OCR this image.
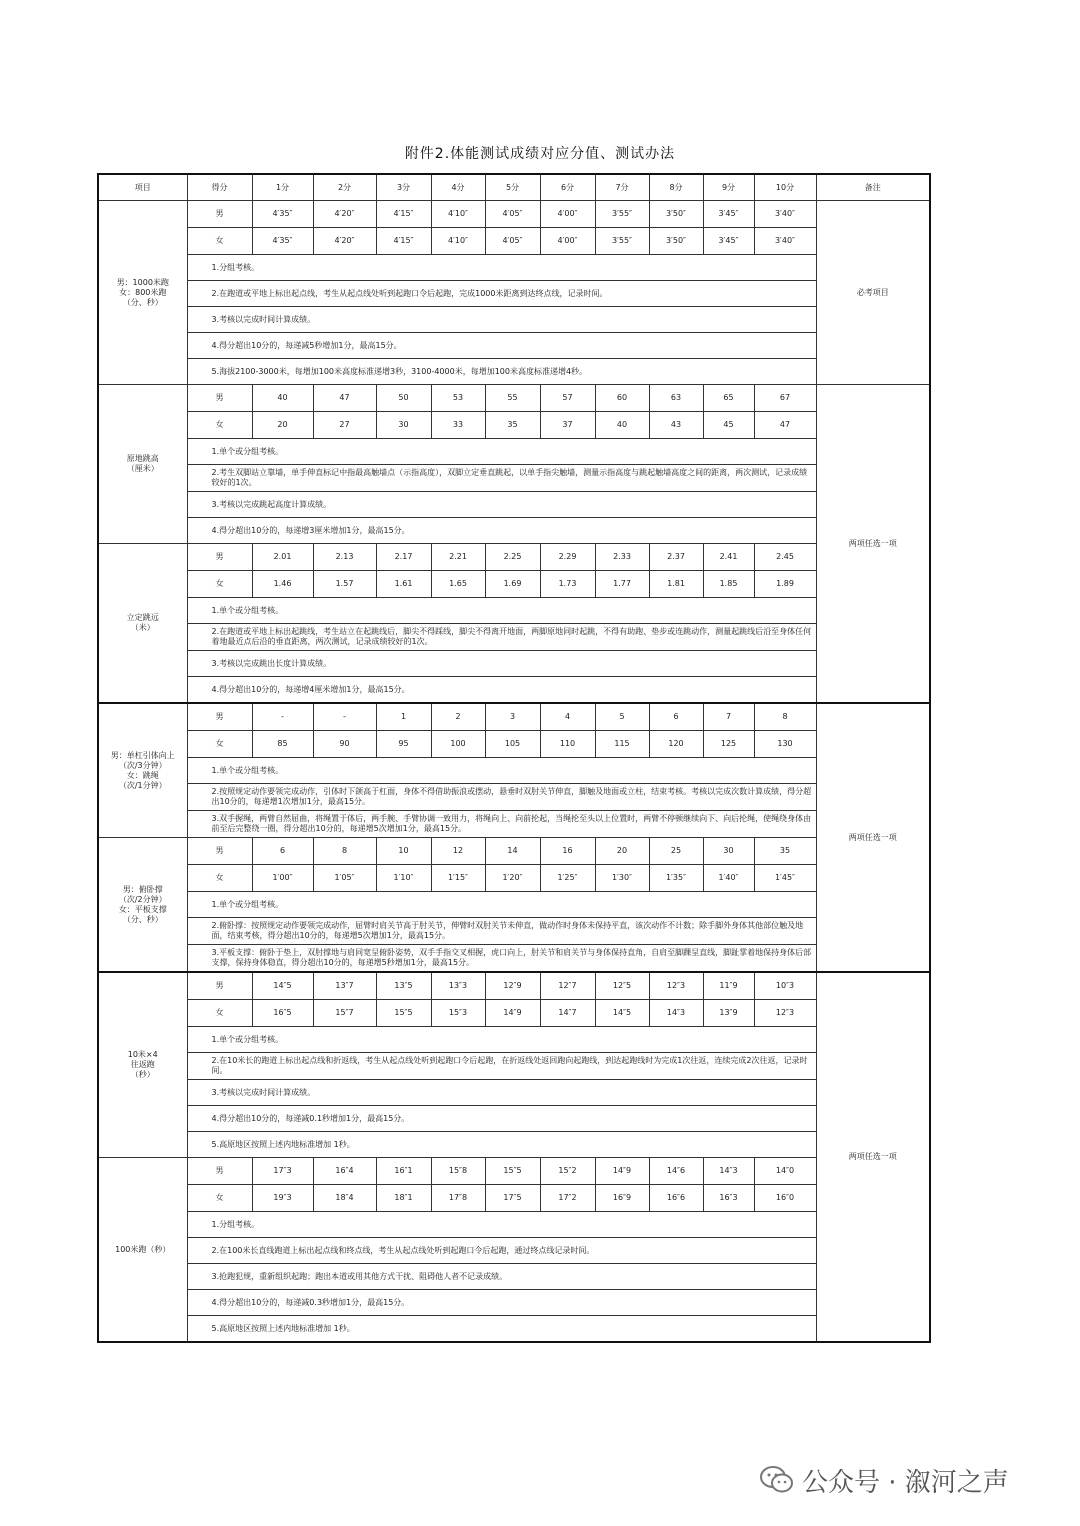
附件2.体能测试成绩对应分值、测试办法
项目	得分	1分	2分	3分	4分	5分	6分	7分	8分	9分	10分	备注
男：1000米跑
女：800米跑
（分、秒）	男	4′35″	4′20″	4′15″	4′10″	4′05″	4′00″	3′55″	3′50″	3′45″	3′40″	必考项目
	女	4′35″	4′20″	4′15″	4′10″	4′05″	4′00″	3′55″	3′50″	3′45″	3′40″	
	1.分组考核。											
	2.在跑道或平地上标出起点线，考生从起点线处听到起跑口令后起跑，完成1000米距离到达终点线，记录时间。											
	3.考核以完成时间计算成绩。											
	4.得分超出10分的，每递减5秒增加1分，最高15分。											
	5.海拔2100-3000米，每增加100米高度标准递增3秒，3100-4000米，每增加100米高度标准递增4秒。											
原地跳高
（厘米）	男	40	47	50	53	55	57	60	63	65	67	两项任选一项
	女	20	27	30	33	35	37	40	43	45	47	
	1.单个或分组考核。											
	2.考生双脚站立靠墙，单手伸直标记中指最高触墙点（示指高度），双脚立定垂直跳起，以单手指尖触墙，测量示指高度与跳起触墙高度之间的距离，两次测试，记录成绩较好的1次。											
	3.考核以完成跳起高度计算成绩。											
	4.得分超出10分的，每递增3厘米增加1分，最高15分。											
立定跳远
（米）	男	2.01	2.13	2.17	2.21	2.25	2.29	2.33	2.37	2.41	2.45	
	女	1.46	1.57	1.61	1.65	1.69	1.73	1.77	1.81	1.85	1.89	
	1.单个或分组考核。											
	2.在跑道或平地上标出起跳线，考生站立在起跳线后，脚尖不得踩线，脚尖不得离开地面，两脚原地同时起跳，不得有助跑、垫步或连跳动作，测量起跳线后沿至身体任何着地最近点后沿的垂直距离，两次测试，记录成绩较好的1次。											
	3.考核以完成跳出长度计算成绩。											
	4.得分超出10分的，每递增4厘米增加1分，最高15分。											
男：单杠引体向上
（次/3分钟）
女：跳绳
（次/1分钟）	男	-	-	1	2	3	4	5	6	7	8	两项任选一项
	女	85	90	95	100	105	110	115	120	125	130	
	1.单个或分组考核。											
	2.按照规定动作要领完成动作，引体时下颌高于杠面，身体不得借助振浪或摆动，悬垂时双肘关节伸直，脚触及地面或立柱，结束考核。考核以完成次数计算成绩，得分超出10分的，每递增1次增加1分，最高15分。											
	3.双手握绳，两臂自然屈曲，将绳置于体后，两手腕、手臂协调一致用力，将绳向上、向前抡起，当绳抡至头以上位置时，两臂不停顿继续向下、向后抡绳，使绳绕身体由前至后完整绕一圈，得分超出10分的，每递增5次增加1分，最高15分。											
男：俯卧撑
（次/2分钟）
女：平板支撑
（分、秒）	男	6	8	10	12	14	16	20	25	30	35	
	女	1′00″	1′05″	1′10″	1′15″	1′20″	1′25″	1′30″	1′35″	1′40″	1′45″	
	1.单个或分组考核。											
	2.俯卧撑：按照规定动作要领完成动作，屈臂时肩关节高于肘关节，伸臂时双肘关节未伸直，做动作时身体未保持平直，该次动作不计数；除手脚外身体其他部位触及地面，结束考核，得分超出10分的，每递增5次增加1分，最高15分。											
	3.平板支撑：俯卧于垫上，双肘撑地与肩同宽呈俯卧姿势，双手手指交叉相握，虎口向上，肘关节和肩关节与身体保持直角，自肩至脚踝呈直线，脚趾掌着地保持身体后部支撑，保持身体稳直，得分超出10分的，每递增5秒增加1分，最高15分。											
10米×4
往返跑
（秒）	男	14″5	13″7	13″5	13″3	12″9	12″7	12″5	12″3	11″9	10″3	两项任选一项
	女	16″5	15″7	15″5	15″3	14″9	14″7	14″5	14″3	13″9	12″3	
	1.单个或分组考核。											
	2.在10米长的跑道上标出起点线和折返线，考生从起点线处听到起跑口令后起跑，在折返线处返回跑向起跑线，到达起跑线时为完成1次往返，连续完成2次往返，记录时间。											
	3.考核以完成时间计算成绩。											
	4.得分超出10分的，每递减0.1秒增加1分，最高15分。											
	5.高原地区按照上述内地标准增加 1秒。											
100米跑（秒）	男	17″3	16″4	16″1	15″8	15″5	15″2	14″9	14″6	14″3	14″0	
	女	19″3	18″4	18″1	17″8	17″5	17″2	16″9	16″6	16″3	16″0	
	1.分组考核。											
	2.在100米长直线跑道上标出起点线和终点线，考生从起点线处听到起跑口令后起跑，通过终点线记录时间。											
	3.抢跑犯规，重新组织起跑；跑出本道或用其他方式干扰、阻碍他人者不记录成绩。											
	4.得分超出10分的，每递减0.3秒增加1分，最高15分。											
	5.高原地区按照上述内地标准增加 1秒。											
公众号 · 溆河之声
